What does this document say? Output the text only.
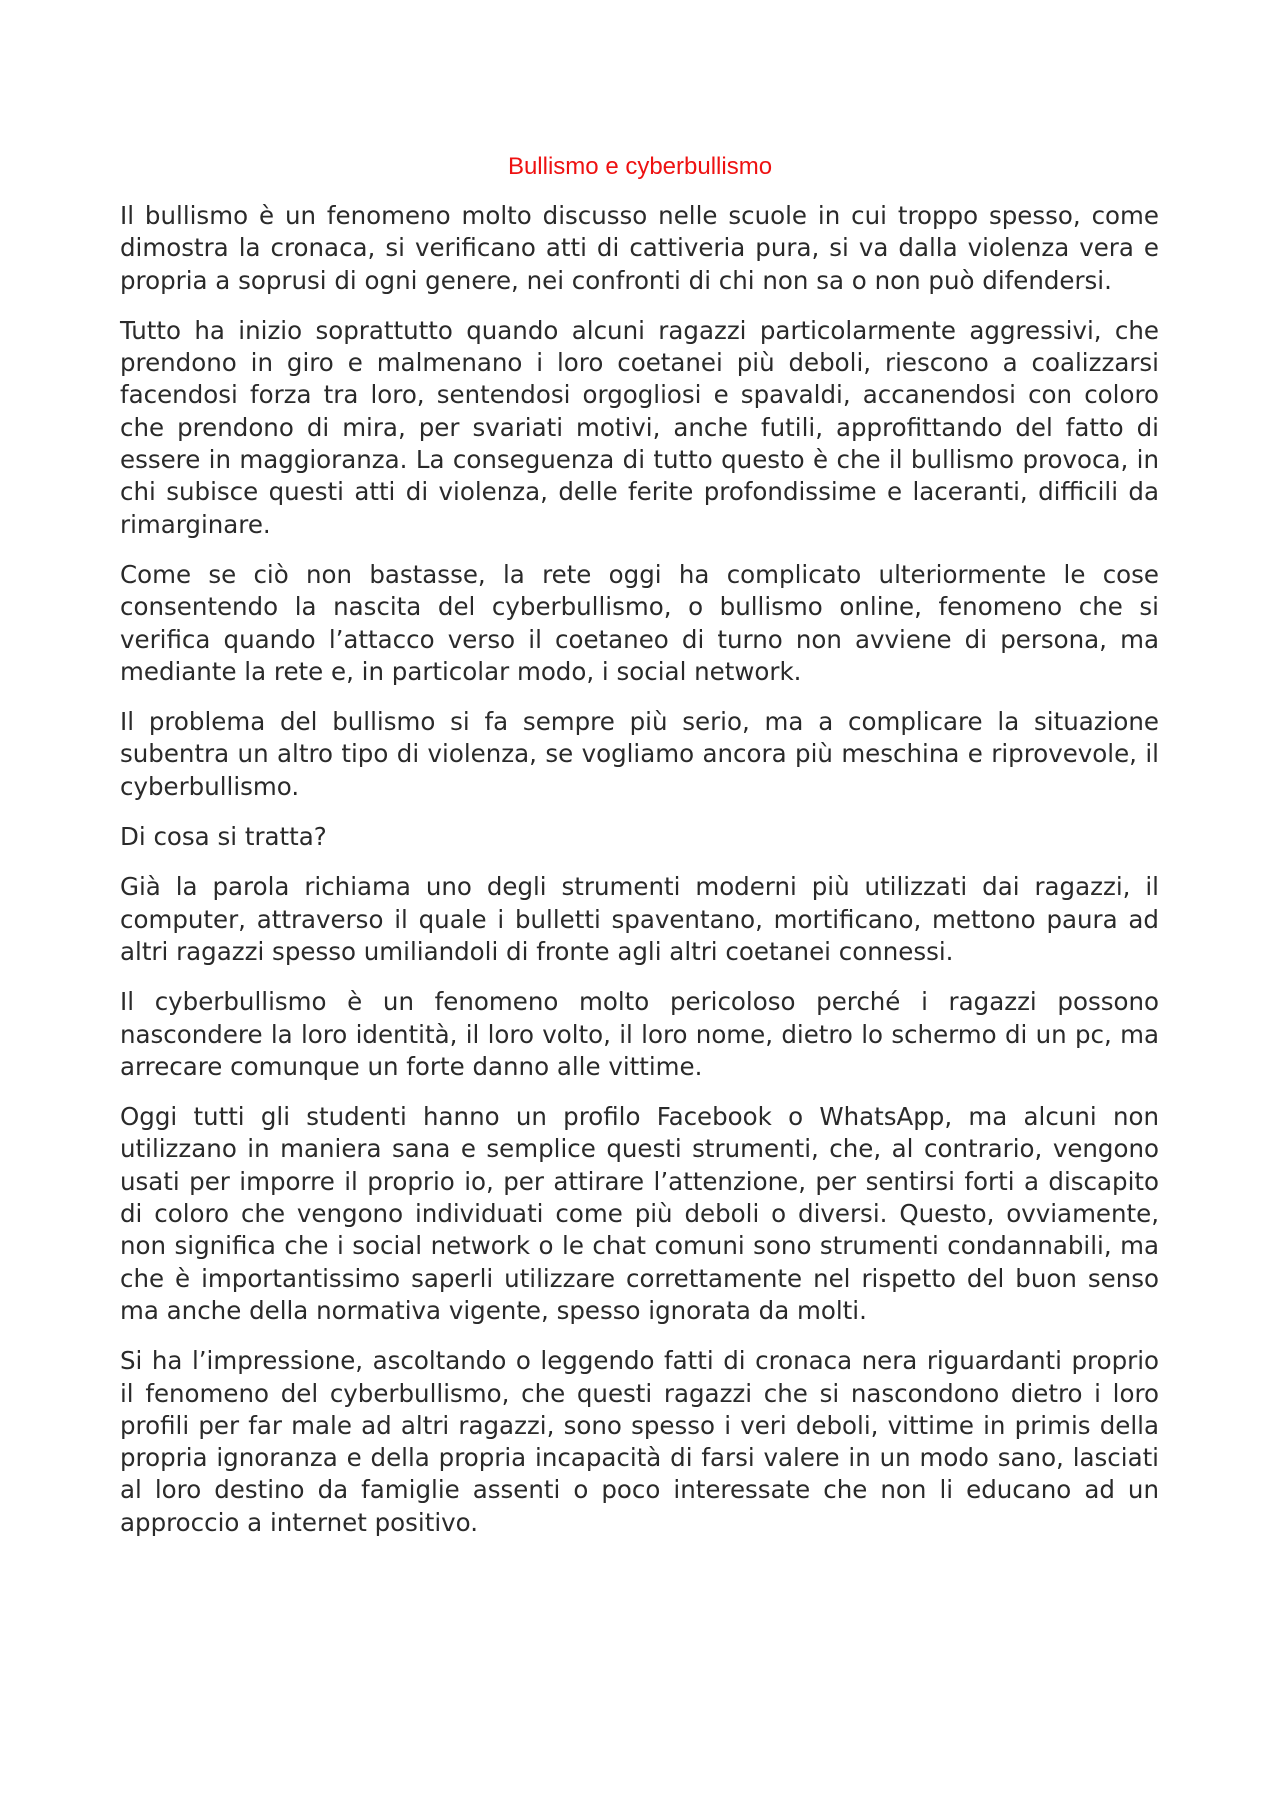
Bullismo e cyberbullismo

Il bullismo è un fenomeno molto discusso nelle scuole in cui troppo spesso, come dimostra la cronaca, si verificano atti di cattiveria pura, si va dalla violenza vera e propria a soprusi di ogni genere, nei confronti di chi non sa o non può difendersi.

Tutto ha inizio soprattutto quando alcuni ragazzi particolarmente aggressivi, che prendono in giro e malmenano i loro coetanei più deboli, riescono a coalizzarsi facendosi forza tra loro, sentendosi orgogliosi e spavaldi, accanendosi con coloro che prendono di mira, per svariati motivi, anche futili, approfittando del fatto di essere in maggioranza. La conseguenza di tutto questo è che il bullismo provoca, in chi subisce questi atti di violenza, delle ferite profondissime e laceranti, difficili da rimarginare.

Come se ciò non bastasse, la rete oggi ha complicato ulteriormente le cose consentendo la nascita del cyberbullismo, o bullismo online, fenomeno che si verifica quando l’attacco verso il coetaneo di turno non avviene di persona, ma mediante la rete e, in particolar modo, i social network.

Il problema del bullismo si fa sempre più serio, ma a complicare la situazione subentra un altro tipo di violenza, se vogliamo ancora più meschina e riprovevole, il cyberbullismo.

Di cosa si tratta?

Già la parola richiama uno degli strumenti moderni più utilizzati dai ragazzi, il computer, attraverso il quale i bulletti spaventano, mortificano, mettono paura ad altri ragazzi spesso umiliandoli di fronte agli altri coetanei connessi.

Il cyberbullismo è un fenomeno molto pericoloso perché i ragazzi possono nascondere la loro identità, il loro volto, il loro nome, dietro lo schermo di un pc, ma arrecare comunque un forte danno alle vittime.

Oggi tutti gli studenti hanno un profilo Facebook o WhatsApp, ma alcuni non utilizzano in maniera sana e semplice questi strumenti, che, al contrario, vengono usati per imporre il proprio io, per attirare l’attenzione, per sentirsi forti a discapito di coloro che vengono individuati come più deboli o diversi. Questo, ovviamente, non significa che i social network o le chat comuni sono strumenti condannabili, ma che è importantissimo saperli utilizzare correttamente nel rispetto del buon senso ma anche della normativa vigente, spesso ignorata da molti.

Si ha l’impressione, ascoltando o leggendo fatti di cronaca nera riguardanti proprio il fenomeno del cyberbullismo, che questi ragazzi che si nascondono dietro i loro profili per far male ad altri ragazzi, sono spesso i veri deboli, vittime in primis della propria ignoranza e della propria incapacità di farsi valere in un modo sano, lasciati al loro destino da famiglie assenti o poco interessate che non li educano ad un approccio a internet positivo.
